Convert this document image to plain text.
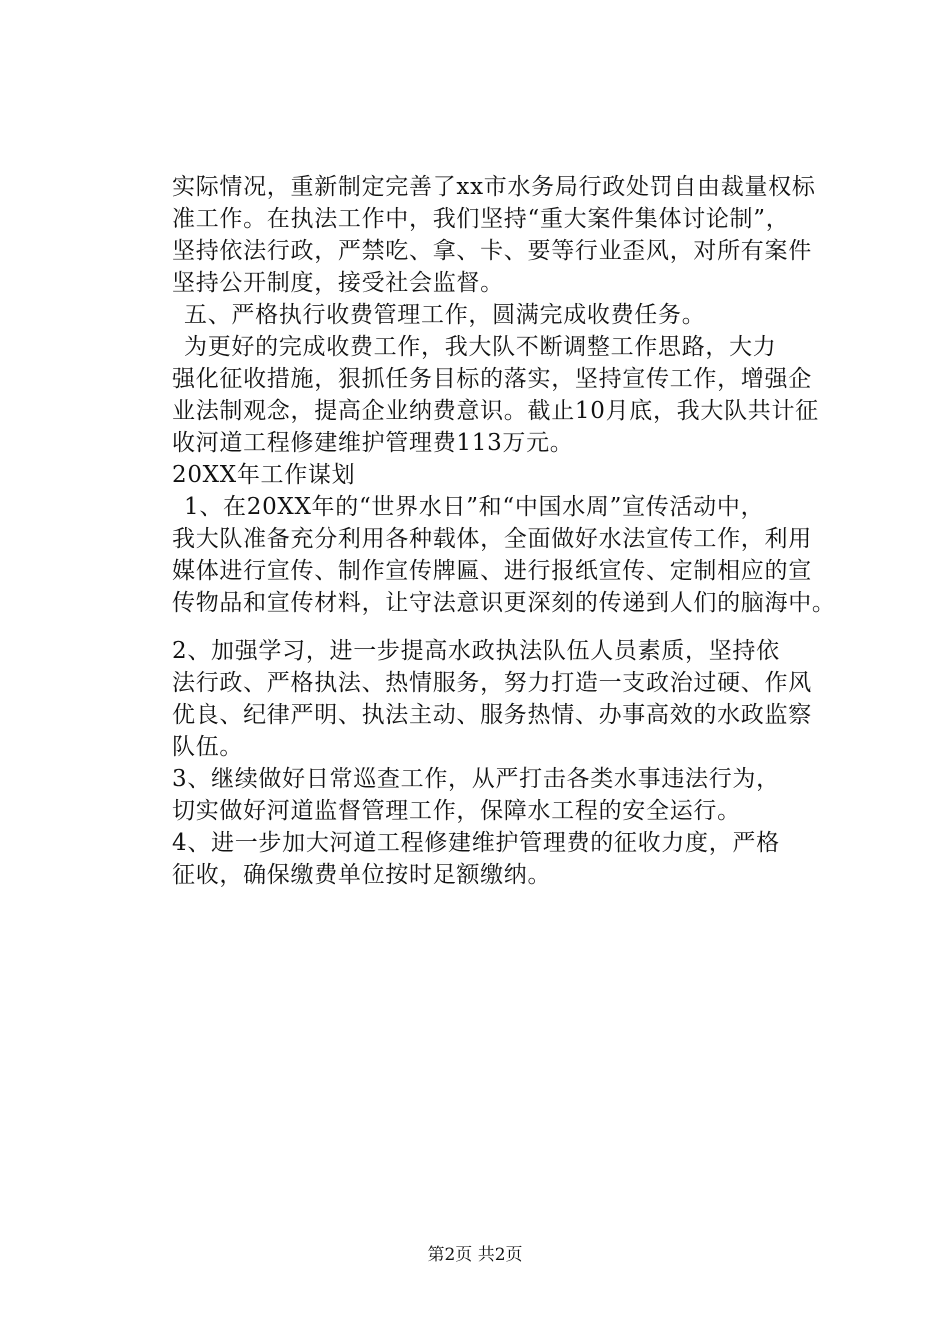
实际情况，重新制定完善了xx市水务局行政处罚自由裁量权标
准工作。在执法工作中，我们坚持“重大案件集体讨论制”，
坚持依法行政，严禁吃、拿、卡、要等行业歪风，对所有案件
坚持公开制度，接受社会监督。
五、严格执行收费管理工作，圆满完成收费任务。
为更好的完成收费工作，我大队不断调整工作思路，大力
强化征收措施，狠抓任务目标的落实，坚持宣传工作，增强企
业法制观念，提高企业纳费意识。截止10月底，我大队共计征
收河道工程修建维护管理费113万元。
20XX年工作谋划
1、在20XX年的“世界水日”和“中国水周”宣传活动中，
我大队准备充分利用各种载体，全面做好水法宣传工作，利用
媒体进行宣传、制作宣传牌匾、进行报纸宣传、定制相应的宣
传物品和宣传材料，让守法意识更深刻的传递到人们的脑海中。
2、加强学习，进一步提高水政执法队伍人员素质，坚持依
法行政、严格执法、热情服务，努力打造一支政治过硬、作风
优良、纪律严明、执法主动、服务热情、办事高效的水政监察
队伍。
3、继续做好日常巡查工作，从严打击各类水事违法行为，
切实做好河道监督管理工作，保障水工程的安全运行。
4、进一步加大河道工程修建维护管理费的征收力度，严格
征收，确保缴费单位按时足额缴纳。
第2页 共2页
